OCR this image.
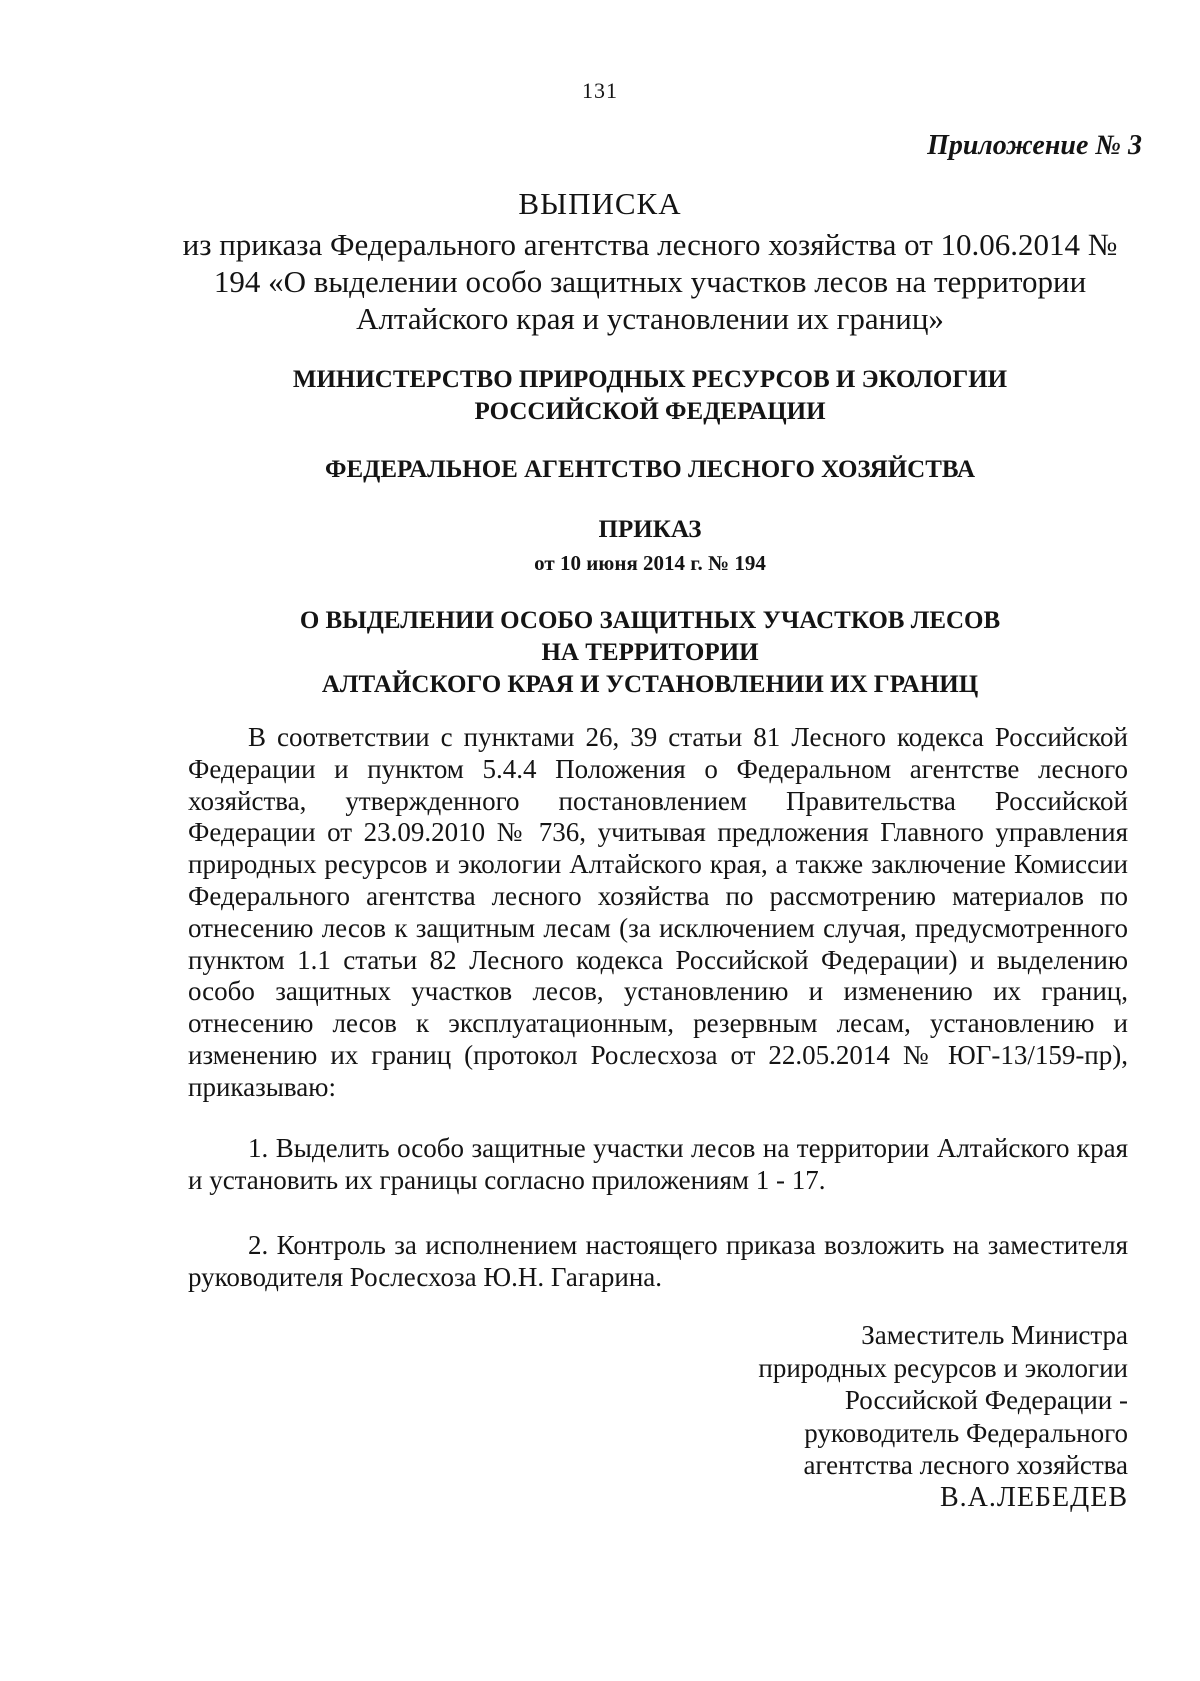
131
Приложение № 3
ВЫПИСКА
из приказа Федерального агентства лесного хозяйства от 10.06.2014 № 194 «О выделении особо защитных участков лесов на территории Алтайского края и установлении их границ»
МИНИСТЕРСТВО ПРИРОДНЫХ РЕСУРСОВ И ЭКОЛОГИИ
РОССИЙСКОЙ ФЕДЕРАЦИИ
ФЕДЕРАЛЬНОЕ АГЕНТСТВО ЛЕСНОГО ХОЗЯЙСТВА
ПРИКАЗ
от 10 июня 2014 г. № 194
О ВЫДЕЛЕНИИ ОСОБО ЗАЩИТНЫХ УЧАСТКОВ ЛЕСОВ
НА ТЕРРИТОРИИ
АЛТАЙСКОГО КРАЯ И УСТАНОВЛЕНИИ ИХ ГРАНИЦ

В соответствии с пунктами 26, 39 статьи 81 Лесного кодекса Российской Федерации и пунктом 5.4.4 Положения о Федеральном агентстве лесного хозяйства, утвержденного постановлением Правительства Российской Федерации от 23.09.2010 № 736, учитывая предложения Главного управления природных ресурсов и экологии Алтайского края, а также заключение Комиссии Федерального агентства лесного хозяйства по рассмотрению материалов по отнесению лесов к защитным лесам (за исключением случая, предусмотренного пунктом 1.1 статьи 82 Лесного кодекса Российской Федерации) и выделению особо защитных участков лесов, установлению и изменению их границ, отнесению лесов к эксплуатационным, резервным лесам, установлению и изменению их границ (протокол Рослесхоза от 22.05.2014 № ЮГ-13/159-пр), приказываю:

1. Выделить особо защитные участки лесов на территории Алтайского края и установить их границы согласно приложениям 1 - 17.

2. Контроль за исполнением настоящего приказа возложить на заместителя руководителя Рослесхоза Ю.Н. Гагарина.

Заместитель Министра
природных ресурсов и экологии
Российской Федерации -
руководитель Федерального
агентства лесного хозяйства
В.А.ЛЕБЕДЕВ
